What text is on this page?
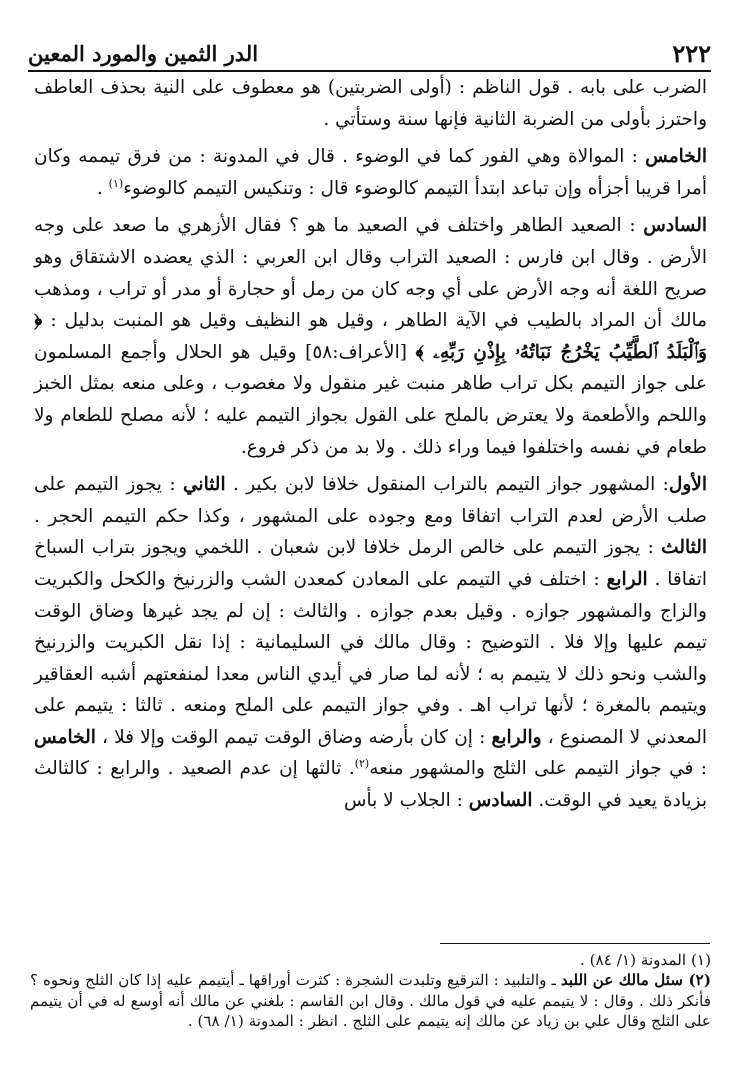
٢٢٢
الدر الثمين والمورد المعين

الضرب على بابه . قول الناظم : (أولى الضربتين) هو معطوف على النية بحذف العاطف واحترز بأولى من الضربة الثانية فإنها سنة وستأتي .

الخامس : الموالاة وهي الفور كما في الوضوء . قال في المدونة : من فرق تيممه وكان أمرا قريبا أجزأه وإن تباعد ابتدأ التيمم كالوضوء قال : وتنكيس التيمم كالوضوء$^{(١)}$ .

السادس : الصعيد الطاهر واختلف في الصعيد ما هو ؟ فقال الأزهري ما صعد على وجه الأرض . وقال ابن فارس : الصعيد التراب وقال ابن العربي : الذي يعضده الاشتقاق وهو صريح اللغة أنه وجه الأرض على أي وجه كان من رمل أو حجارة أو مدر أو تراب ، ومذهب مالك أن المراد بالطيب في الآية الطاهر ، وقيل هو النظيف وقيل هو المنبت بدليل : ﴿ وَٱلْبَلَدُ ٱلطَّيِّبُ يَخْرُجُ نَبَاتُهُۥ بِإِذْنِ رَبِّهِۦ ﴾ [الأعراف:٥٨] وقيل هو الحلال وأجمع المسلمون على جواز التيمم بكل تراب طاهر منبت غير منقول ولا مغصوب ، وعلى منعه بمثل الخبز واللحم والأطعمة ولا يعترض بالملح على القول بجواز التيمم عليه ؛ لأنه مصلح للطعام ولا طعام في نفسه واختلفوا فيما وراء ذلك . ولا بد من ذكر فروع.

الأول: المشهور جواز التيمم بالتراب المنقول خلافا لابن بكير . الثاني : يجوز التيمم على صلب الأرض لعدم التراب اتفاقا ومع وجوده على المشهور ، وكذا حكم التيمم الحجر . الثالث : يجوز التيمم على خالص الرمل خلافا لابن شعبان . اللخمي ويجوز بتراب السباخ اتفاقا . الرابع : اختلف في التيمم على المعادن كمعدن الشب والزرنيخ والكحل والكبريت والزاج والمشهور جوازه . وقيل بعدم جوازه . والثالث : إن لم يجد غيرها وضاق الوقت تيمم عليها وإلا فلا . التوضيح : وقال مالك في السليمانية : إذا نقل الكبريت والزرنيخ والشب ونحو ذلك لا يتيمم به ؛ لأنه لما صار في أيدي الناس معدا لمنفعتهم أشبه العقاقير ويتيمم بالمغرة ؛ لأنها تراب اهـ . وفي جواز التيمم على الملح ومنعه . ثالثا : يتيمم على المعدني لا المصنوع ، والرابع : إن كان بأرضه وضاق الوقت تيمم الوقت وإلا فلا ، الخامس : في جواز التيمم على الثلج والمشهور منعه$^{(٢)}$. ثالثها إن عدم الصعيد . والرابع : كالثالث بزيادة يعيد في الوقت. السادس : الجلاب لا بأس

(١) المدونة (١/ ٨٤) .

(٢) سئل مالك عن اللبد ـ والتلبيد : الترقيع وتلبدت الشجرة : كثرت أوراقها ـ أيتيمم عليه إذا كان الثلج ونحوه ؟ فأنكر ذلك . وقال : لا يتيمم عليه في قول مالك . وقال ابن القاسم : بلغني عن مالك أنه أوسع له في أن يتيمم على الثلج وقال علي بن زياد عن مالك إنه يتيمم على الثلج . انظر : المدونة (١/ ٦٨) .
